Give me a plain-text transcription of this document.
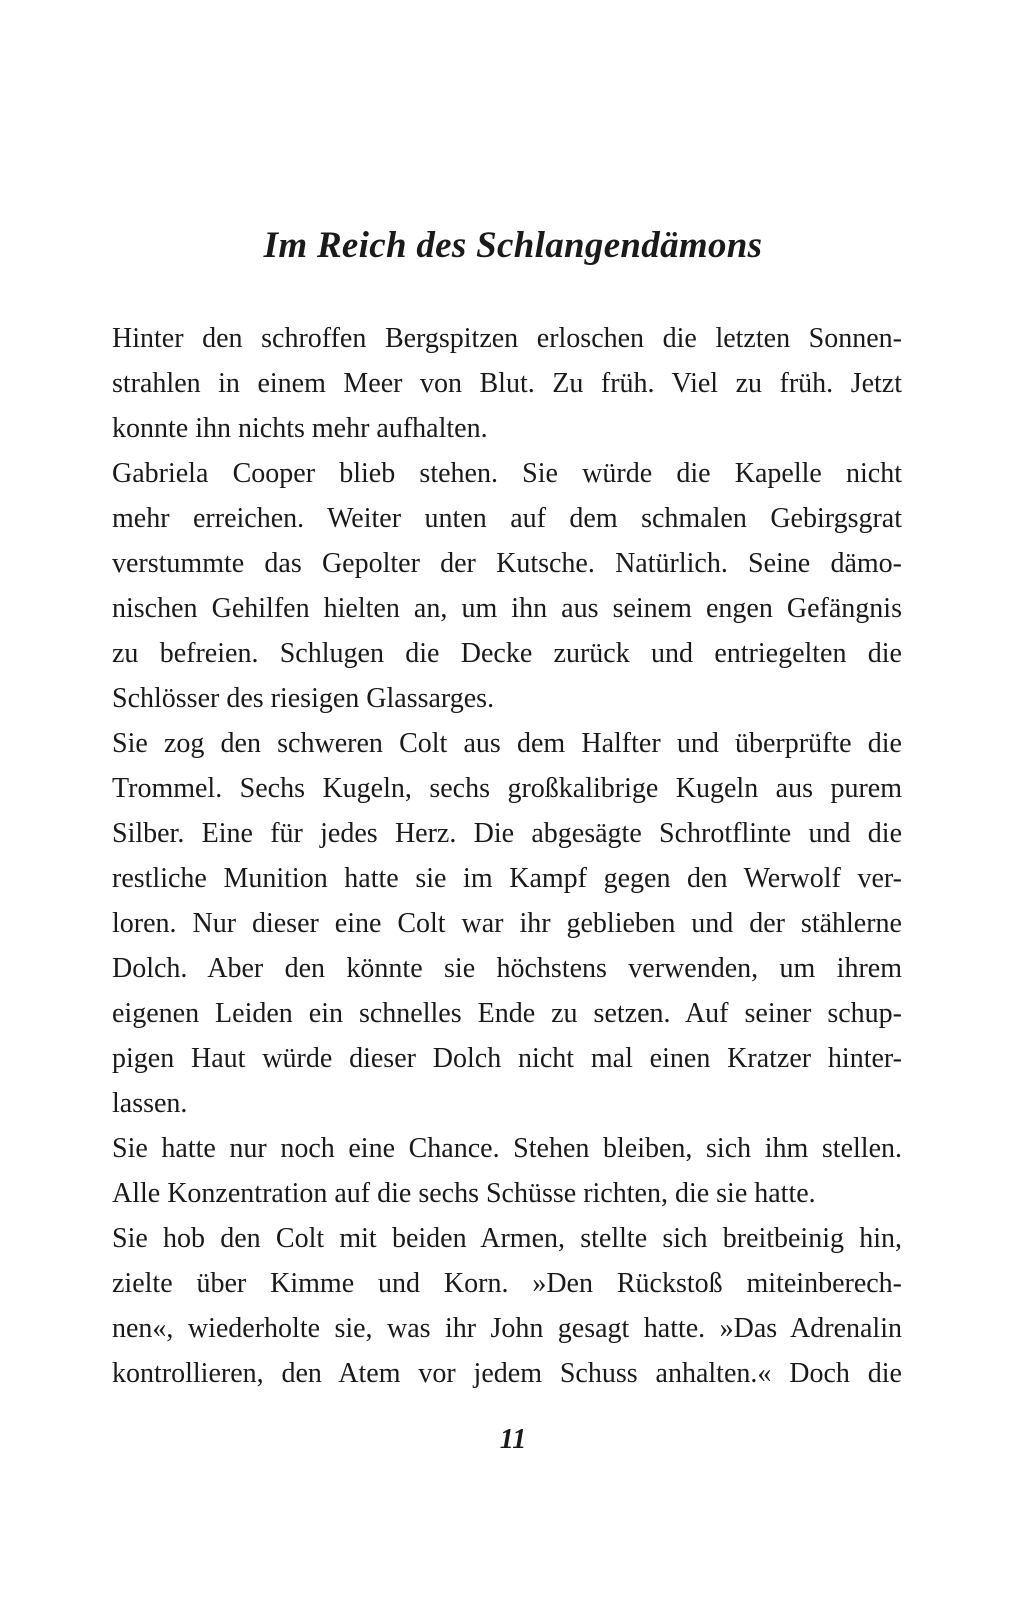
Im Reich des Schlangendämons
Hinter den schroffen Bergspitzen erloschen die letzten Sonnen-
strahlen in einem Meer von Blut. Zu früh. Viel zu früh. Jetzt
konnte ihn nichts mehr aufhalten.
Gabriela Cooper blieb stehen. Sie würde die Kapelle nicht
mehr erreichen. Weiter unten auf dem schmalen Gebirgsgrat
verstummte das Gepolter der Kutsche. Natürlich. Seine dämo-
nischen Gehilfen hielten an, um ihn aus seinem engen Gefängnis
zu befreien. Schlugen die Decke zurück und entriegelten die
Schlösser des riesigen Glassarges.
Sie zog den schweren Colt aus dem Halfter und überprüfte die
Trommel. Sechs Kugeln, sechs großkalibrige Kugeln aus purem
Silber. Eine für jedes Herz. Die abgesägte Schrotflinte und die
restliche Munition hatte sie im Kampf gegen den Werwolf ver-
loren. Nur dieser eine Colt war ihr geblieben und der stählerne
Dolch. Aber den könnte sie höchstens verwenden, um ihrem
eigenen Leiden ein schnelles Ende zu setzen. Auf seiner schup-
pigen Haut würde dieser Dolch nicht mal einen Kratzer hinter-
lassen.
Sie hatte nur noch eine Chance. Stehen bleiben, sich ihm stellen.
Alle Konzentration auf die sechs Schüsse richten, die sie hatte.
Sie hob den Colt mit beiden Armen, stellte sich breitbeinig hin,
zielte über Kimme und Korn. »Den Rückstoß miteinberech-
nen«, wiederholte sie, was ihr John gesagt hatte. »Das Adrenalin
kontrollieren, den Atem vor jedem Schuss anhalten.« Doch die
11
